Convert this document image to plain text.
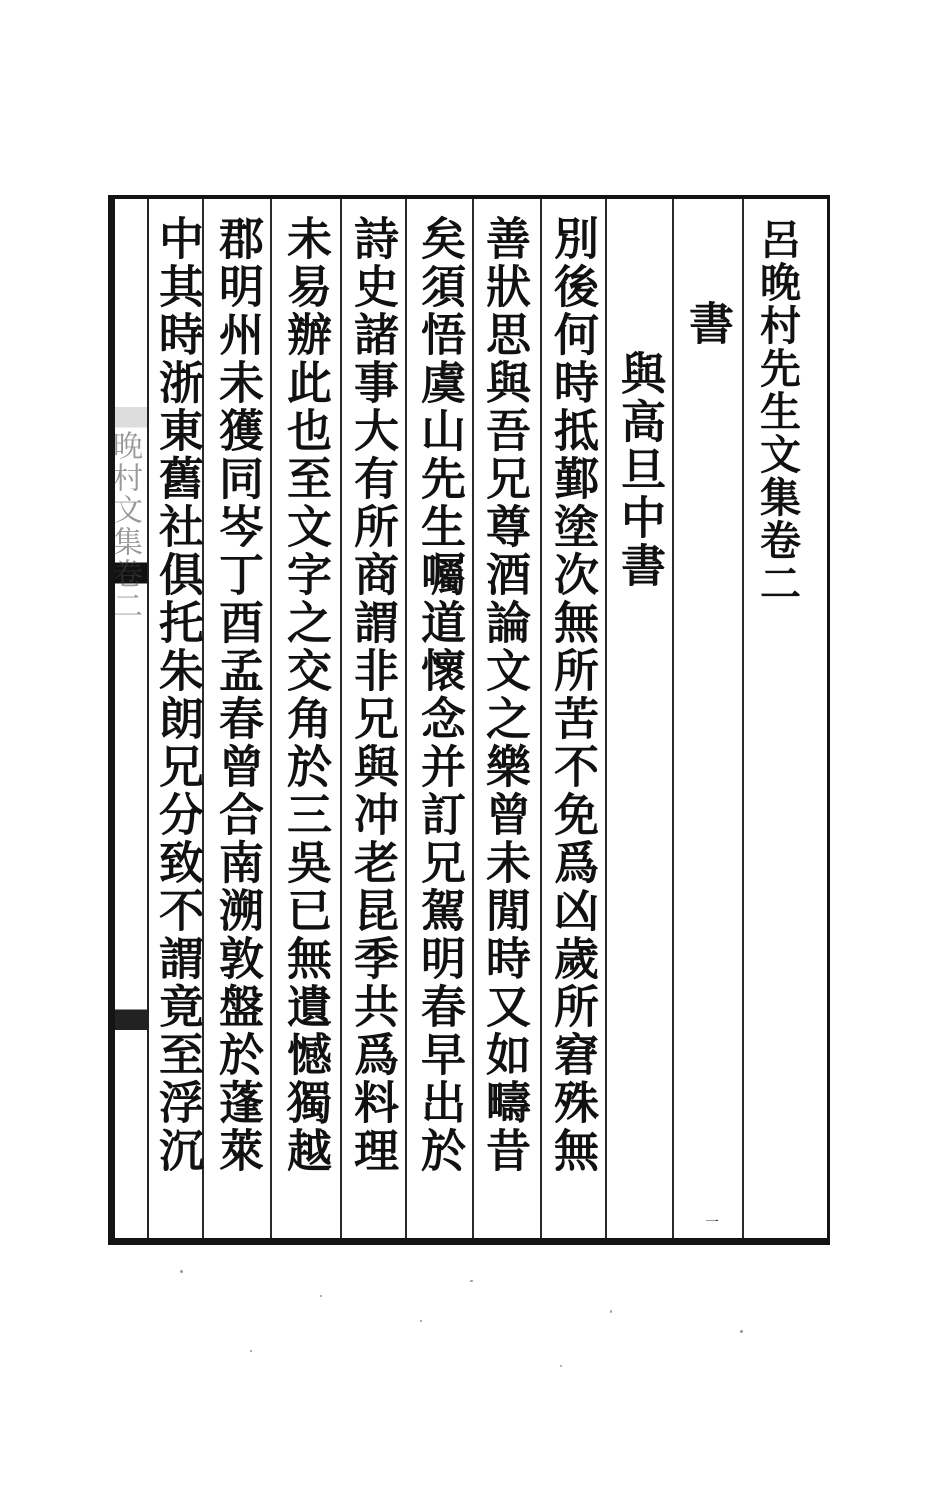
晚村文集卷二	呂晚村先生文集卷二
書
與高旦中書
別後何時抵鄞塗次無所苦不免爲凶歲所窘殊無
善狀思與吾兄尊酒論文之樂曾未閒時又如疇昔
矣須悟虞山先生囑道懷念并訂兄駕明春早出於
詩史諸事大有所商謂非兄與冲老昆季共爲料理
未易辦此也至文字之交角於三吳已無遺憾獨越
郡明州未獲同岑丁酉孟春曾合南溯敦盤於蓬萊
中其時浙東舊社俱托朱朗兄分致不謂竟至浮沉
一
